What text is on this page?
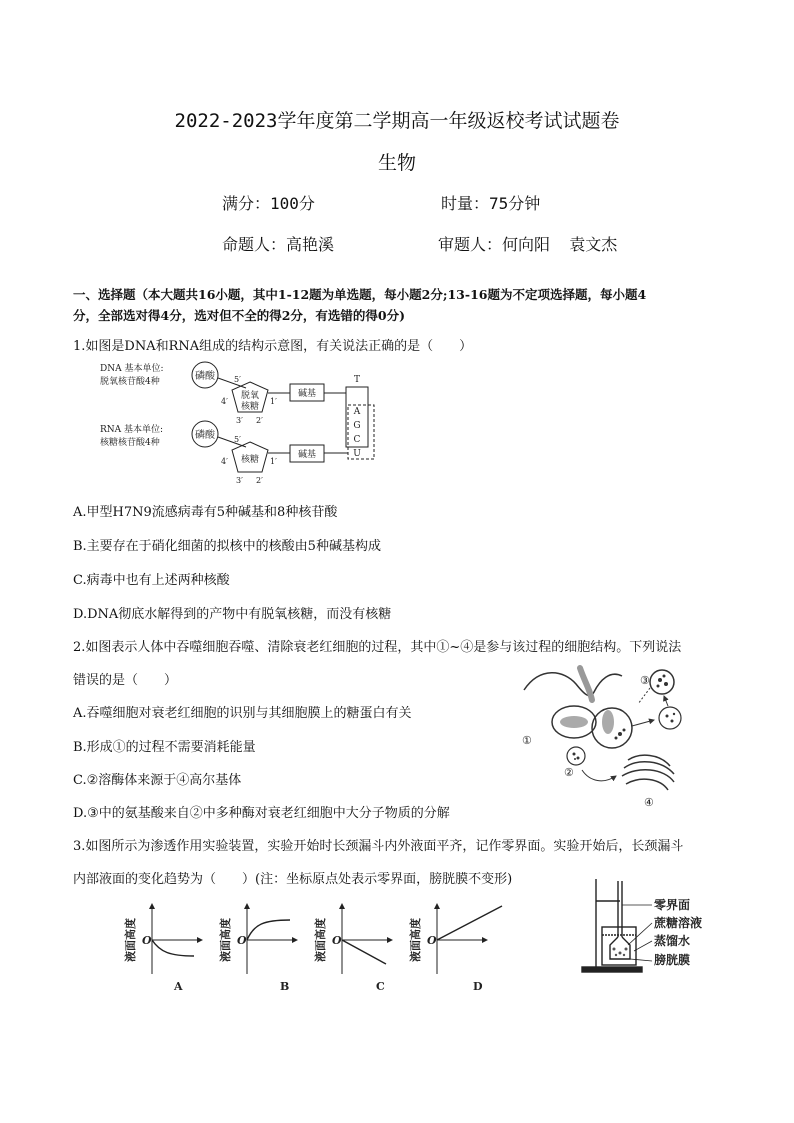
2022-2023学年度第二学期高一年级返校考试试题卷
生物
满分：100分	时量：75分钟
命题人：高艳溪	审题人：何向阳  袁文杰
一、选择题（本大题共16小题，其中1-12题为单选题，每小题2分;13-16题为不定项选择题，每小题4
分，全部选对得4分，选对但不全的得2分，有选错的得0分)
1.如图是DNA和RNA组成的结构示意图，有关说法正确的是（　　）
DNA 基本单位:
脱氧核苷酸4种
RNA 基本单位:
核糖核苷酸4种
磷酸
脱氧
核糖
5′
4′	1′
3′ 2′
碱基
T
A
G
C
U
磷酸
核糖
5′
4′	1′
3′ 2′
碱基
A.甲型H7N9流感病毒有5种碱基和8种核苷酸
B.主要存在于硝化细菌的拟核中的核酸由5种碱基构成
C.病毒中也有上述两种核酸
D.DNA彻底水解得到的产物中有脱氧核糖，而没有核糖
2.如图表示人体中吞噬细胞吞噬、清除衰老红细胞的过程，其中①~④是参与该过程的细胞结构。下列说法
错误的是（　　）
①
②
③
④
A.吞噬细胞对衰老红细胞的识别与其细胞膜上的糖蛋白有关
B.形成①的过程不需要消耗能量
C.②溶酶体来源于④高尔基体
D.③中的氨基酸来自②中多种酶对衰老红细胞中大分子物质的分解
3.如图所示为渗透作用实验装置，实验开始时长颈漏斗内外液面平齐，记作零界面。实验开始后，长颈漏斗
内部液面的变化趋势为（　　）(注：坐标原点处表示零界面，膀胱膜不变形)
液面高度 O
A
液面高度 O
B
液面高度 O
C
液面高度 O
D
零界面
蔗糖溶液
蒸馏水
膀胱膜
